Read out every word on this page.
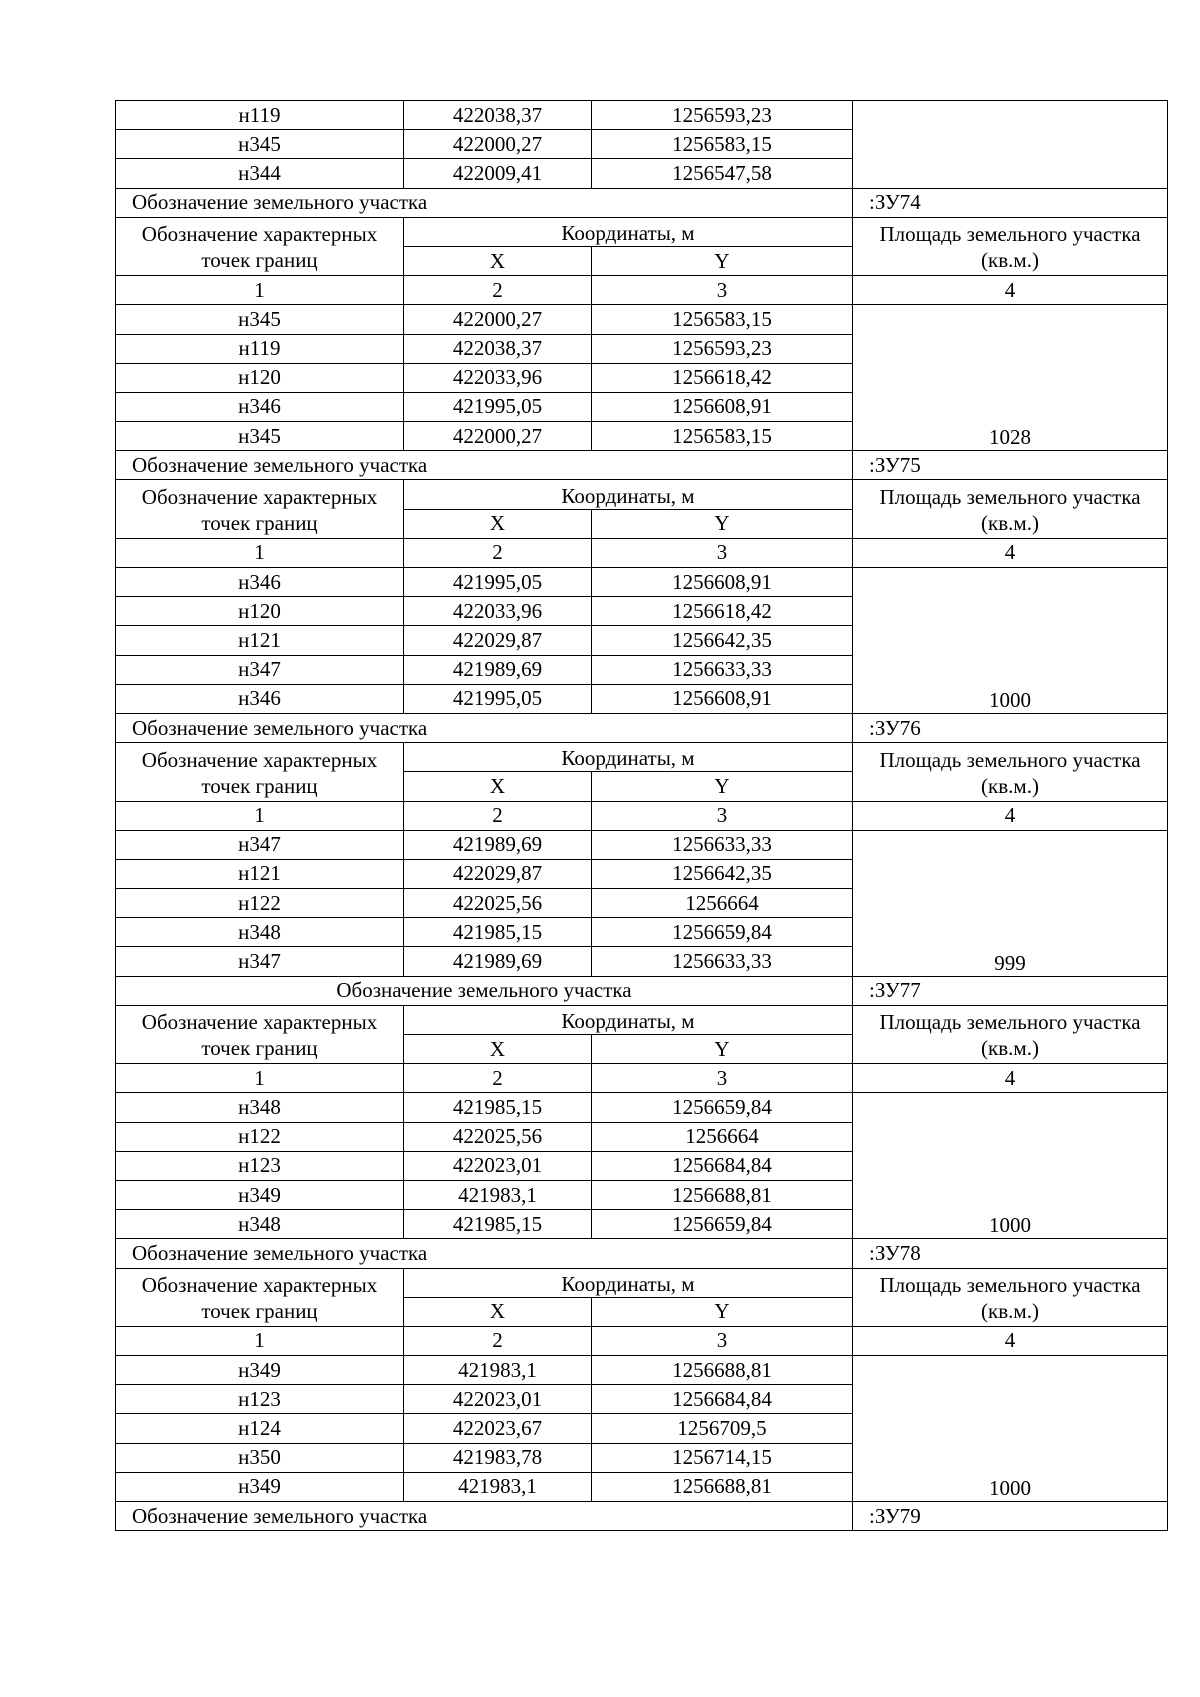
н119	422038,37	1256593,23	
н345	422000,27	1256583,15	
н344	422009,41	1256547,58	
Обозначение земельного участка			:ЗУ74
Обозначение характерных точек границ	Координаты, м		Площадь земельного участка (кв.м.)
	X	Y	
1	2	3	4
н345	422000,27	1256583,15	1028
н119	422038,37	1256593,23	
н120	422033,96	1256618,42	
н346	421995,05	1256608,91	
н345	422000,27	1256583,15	
Обозначение земельного участка			:ЗУ75
Обозначение характерных точек границ	Координаты, м		Площадь земельного участка (кв.м.)
	X	Y	
1	2	3	4
н346	421995,05	1256608,91	1000
н120	422033,96	1256618,42	
н121	422029,87	1256642,35	
н347	421989,69	1256633,33	
н346	421995,05	1256608,91	
Обозначение земельного участка			:ЗУ76
Обозначение характерных точек границ	Координаты, м		Площадь земельного участка (кв.м.)
	X	Y	
1	2	3	4
н347	421989,69	1256633,33	999
н121	422029,87	1256642,35	
н122	422025,56	1256664	
н348	421985,15	1256659,84	
н347	421989,69	1256633,33	
Обозначение земельного участка			:ЗУ77
Обозначение характерных точек границ	Координаты, м		Площадь земельного участка (кв.м.)
	X	Y	
1	2	3	4
н348	421985,15	1256659,84	1000
н122	422025,56	1256664	
н123	422023,01	1256684,84	
н349	421983,1	1256688,81	
н348	421985,15	1256659,84	
Обозначение земельного участка			:ЗУ78
Обозначение характерных точек границ	Координаты, м		Площадь земельного участка (кв.м.)
	X	Y	
1	2	3	4
н349	421983,1	1256688,81	1000
н123	422023,01	1256684,84	
н124	422023,67	1256709,5	
н350	421983,78	1256714,15	
н349	421983,1	1256688,81	
Обозначение земельного участка			:ЗУ79
